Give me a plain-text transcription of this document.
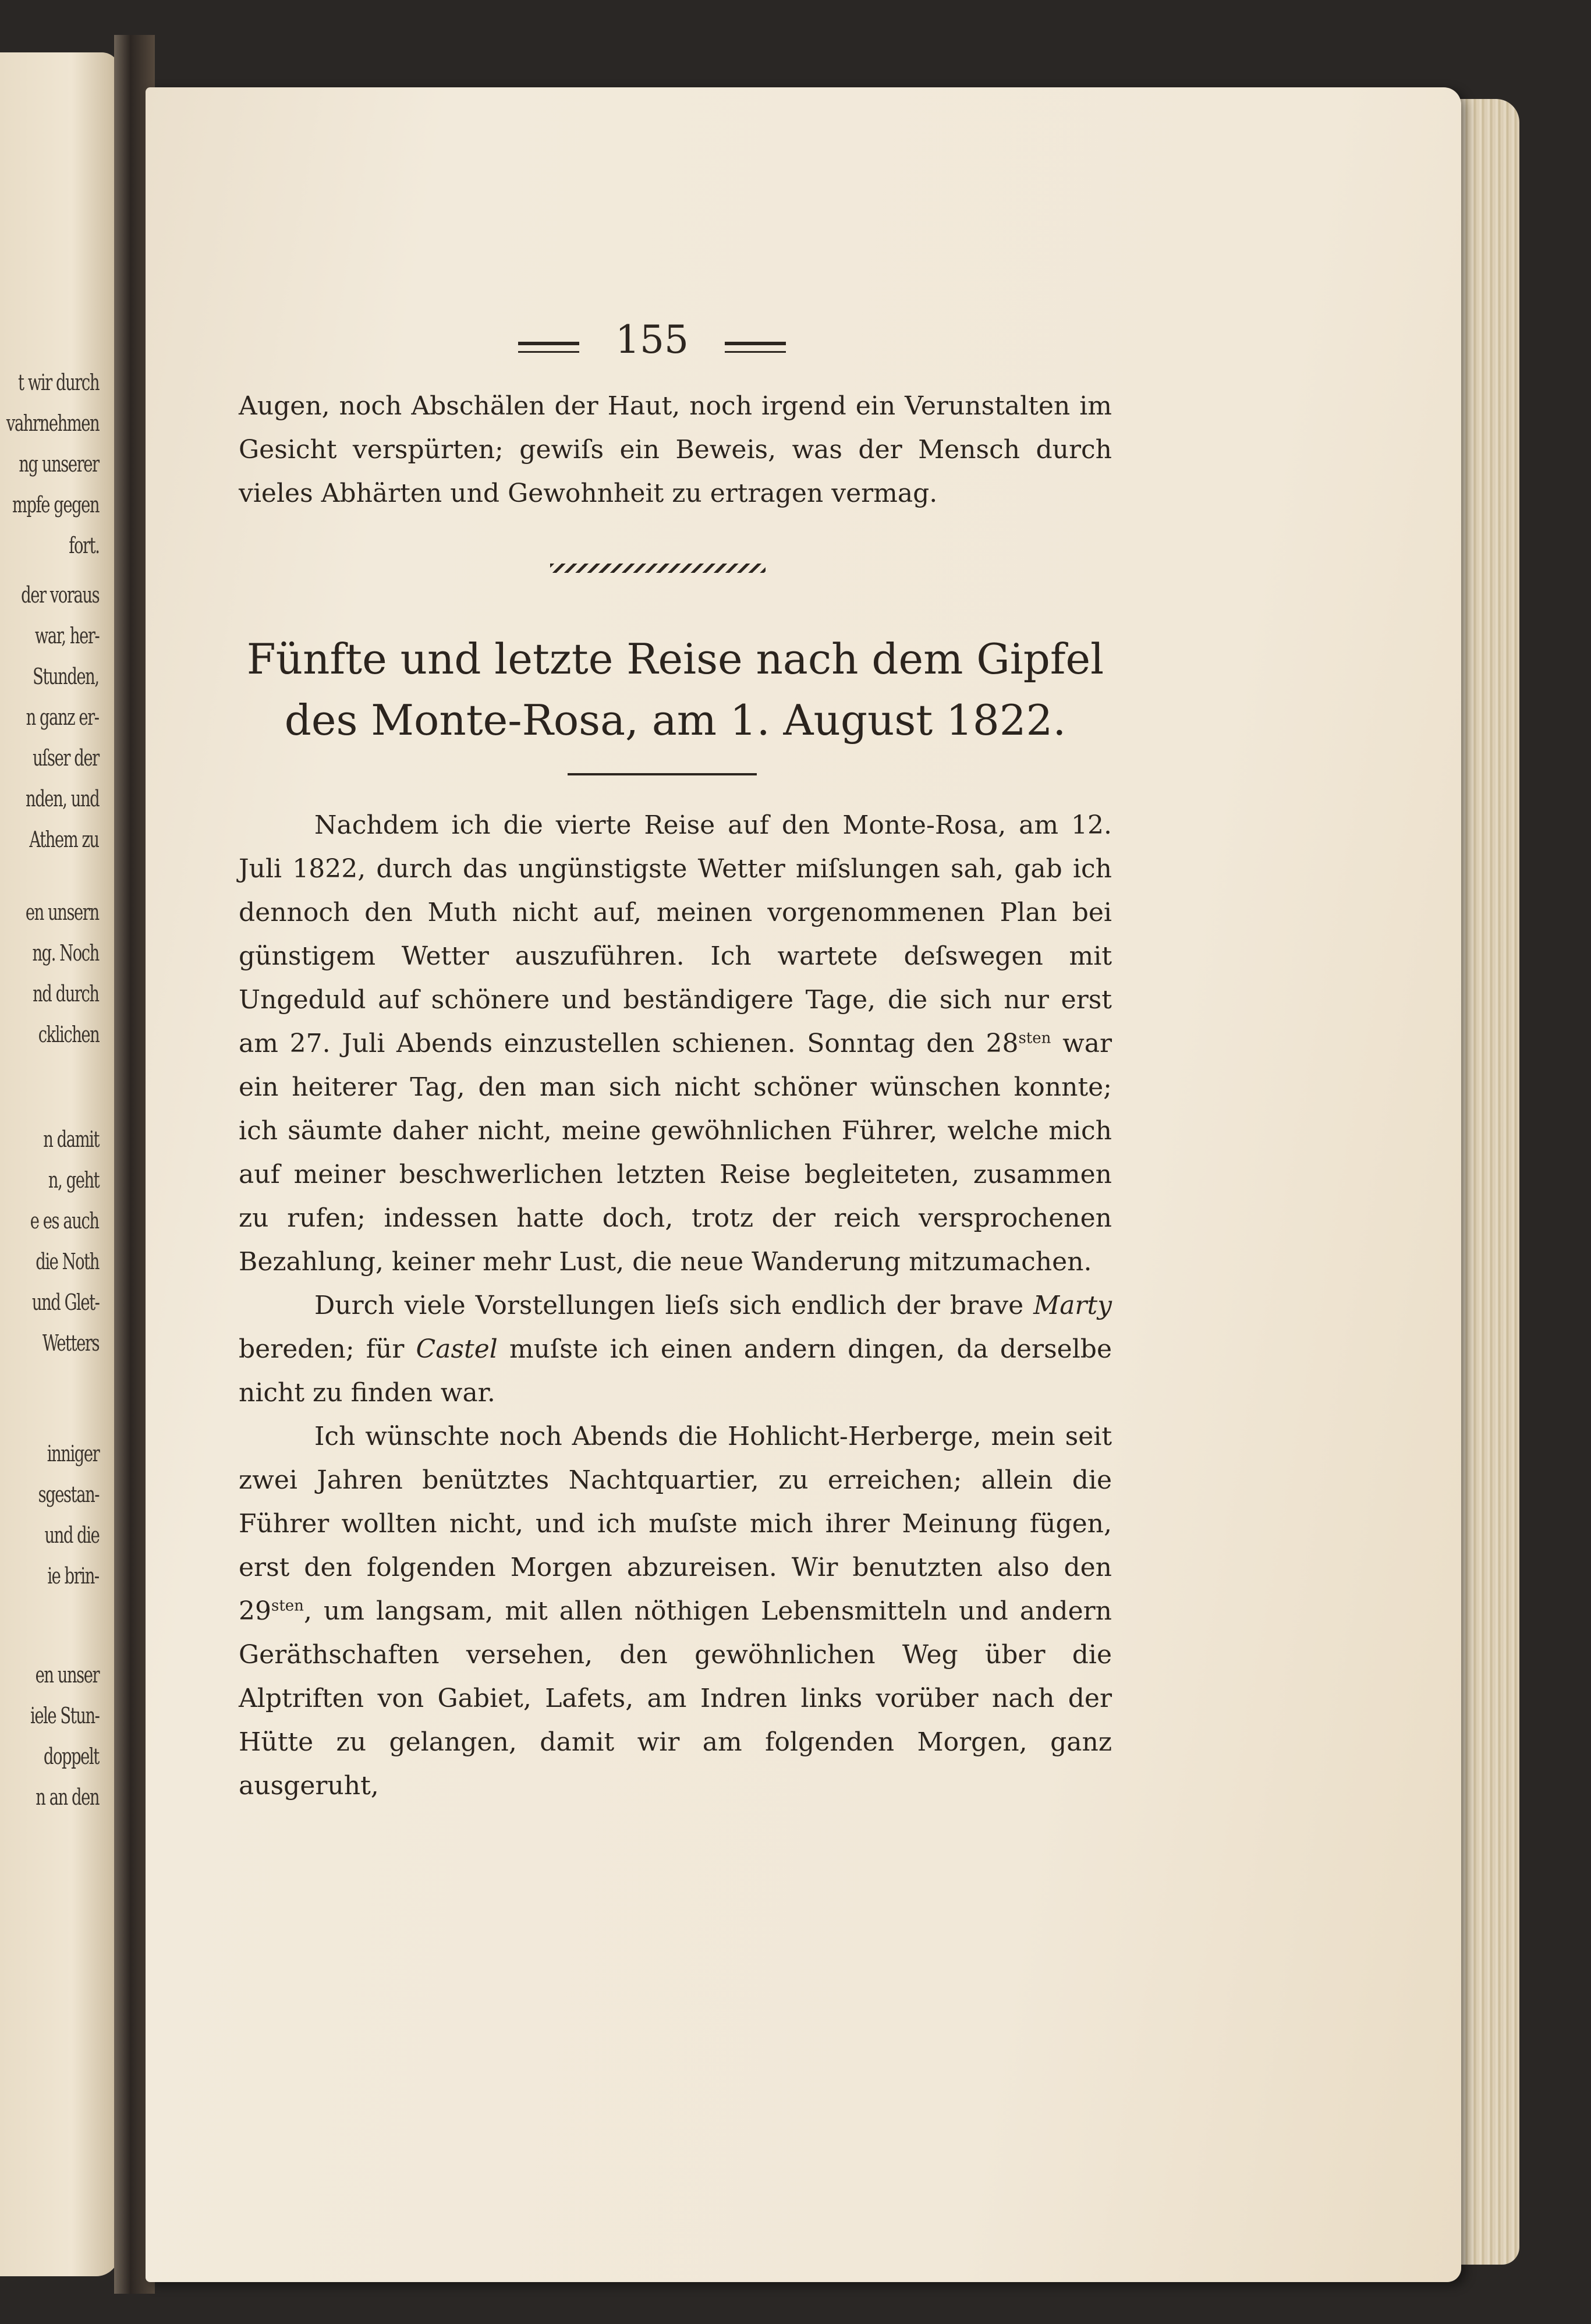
t wir durch
vahrnehmen
ng unserer
mpfe gegen
fort.
der voraus
war, her-
Stunden,
n ganz er-
uſser der
nden, und
Athem zu
en unsern
ng. Noch
nd durch
cklichen
n damit
n, geht
e es auch
die Noth
und Glet-
Wetters
inniger
sgestan-
und die
ie brin-
en unser
iele Stun-
doppelt
n an den
155

Augen, noch Abschälen der Haut, noch irgend ein Verunstalten im Gesicht verspürten; gewiſs ein Beweis, was der Mensch durch vieles Abhärten und Gewohnheit zu ertragen vermag.

Fünfte und letzte Reise nach dem Gipfel
des Monte-Rosa, am 1. August 1822.

Nachdem ich die vierte Reise auf den Monte-Rosa, am 12. Juli 1822, durch das ungünstigste Wetter miſslungen sah, gab ich dennoch den Muth nicht auf, meinen vorgenommenen Plan bei günstigem Wetter auszuführen. Ich wartete deſswegen mit Ungeduld auf schönere und beständigere Tage, die sich nur erst am 27. Juli Abends einzustellen schienen. Sonntag den $28^{sten}$ war ein heiterer Tag, den man sich nicht schöner wünschen konnte; ich säumte daher nicht, meine gewöhnlichen Führer, welche mich auf meiner beschwerlichen letzten Reise begleiteten, zusammen zu rufen; indessen hatte doch, trotz der reich versprochenen Bezahlung, keiner mehr Lust, die neue Wanderung mitzumachen.

Durch viele Vorstellungen lieſs sich endlich der brave Marty bereden; für Castel muſste ich einen andern dingen, da derselbe nicht zu finden war.

Ich wünschte noch Abends die Hohlicht-Herberge, mein seit zwei Jahren benütztes Nachtquartier, zu erreichen; allein die Führer wollten nicht, und ich muſste mich ihrer Meinung fügen, erst den folgenden Morgen abzureisen. Wir benutzten also den $29^{sten}$, um langsam, mit allen nöthigen Lebensmitteln und andern Geräthschaften versehen, den gewöhnlichen Weg über die Alptriften von Gabiet, Lafets, am Indren links vorüber nach der Hütte zu gelangen, damit wir am folgenden Morgen, ganz ausgeruht,
